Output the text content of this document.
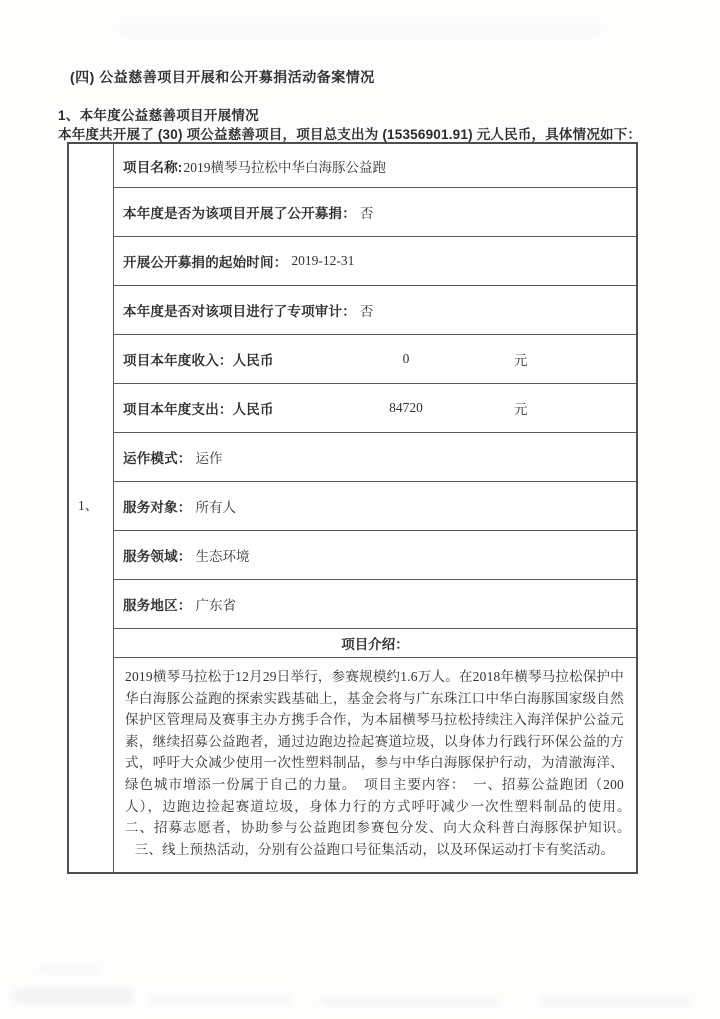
(四) 公益慈善项目开展和公开募捐活动备案情况
1、本年度公益慈善项目开展情况
本年度共开展了 (30) 项公益慈善项目，项目总支出为 (15356901.91) 元人民币，具体情况如下：
1、
项目名称: 2019横琴马拉松中华白海豚公益跑
本年度是否为该项目开展了公开募捐： 否
开展公开募捐的起始时间： 2019-12-31
本年度是否对该项目进行了专项审计： 否
项目本年度收入：人民币	0	元
项目本年度支出：人民币	84720	元
运作模式： 运作
服务对象： 所有人
服务领域： 生态环境
服务地区： 广东省
项目介绍：
2019横琴马拉松于12月29日举行，参赛规模约1.6万人。在2018年横琴马拉松保护中华白海豚公益跑的探索实践基础上，基金会将与广东珠江口中华白海豚国家级自然保护区管理局及赛事主办方携手合作，为本届横琴马拉松持续注入海洋保护公益元素，继续招募公益跑者，通过边跑边捡起赛道垃圾，以身体力行践行环保公益的方式，呼吁大众减少使用一次性塑料制品，参与中华白海豚保护行动，为清澈海洋、绿色城市增添一份属于自己的力量。　项目主要内容：　一、招募公益跑团（200人），边跑边捡起赛道垃圾，身体力行的方式呼吁减少一次性塑料制品的使用。　二、招募志愿者，协助参与公益跑团参赛包分发、向大众科普白海豚保护知识。　三、线上预热活动，分别有公益跑口号征集活动，以及环保运动打卡有奖活动。
